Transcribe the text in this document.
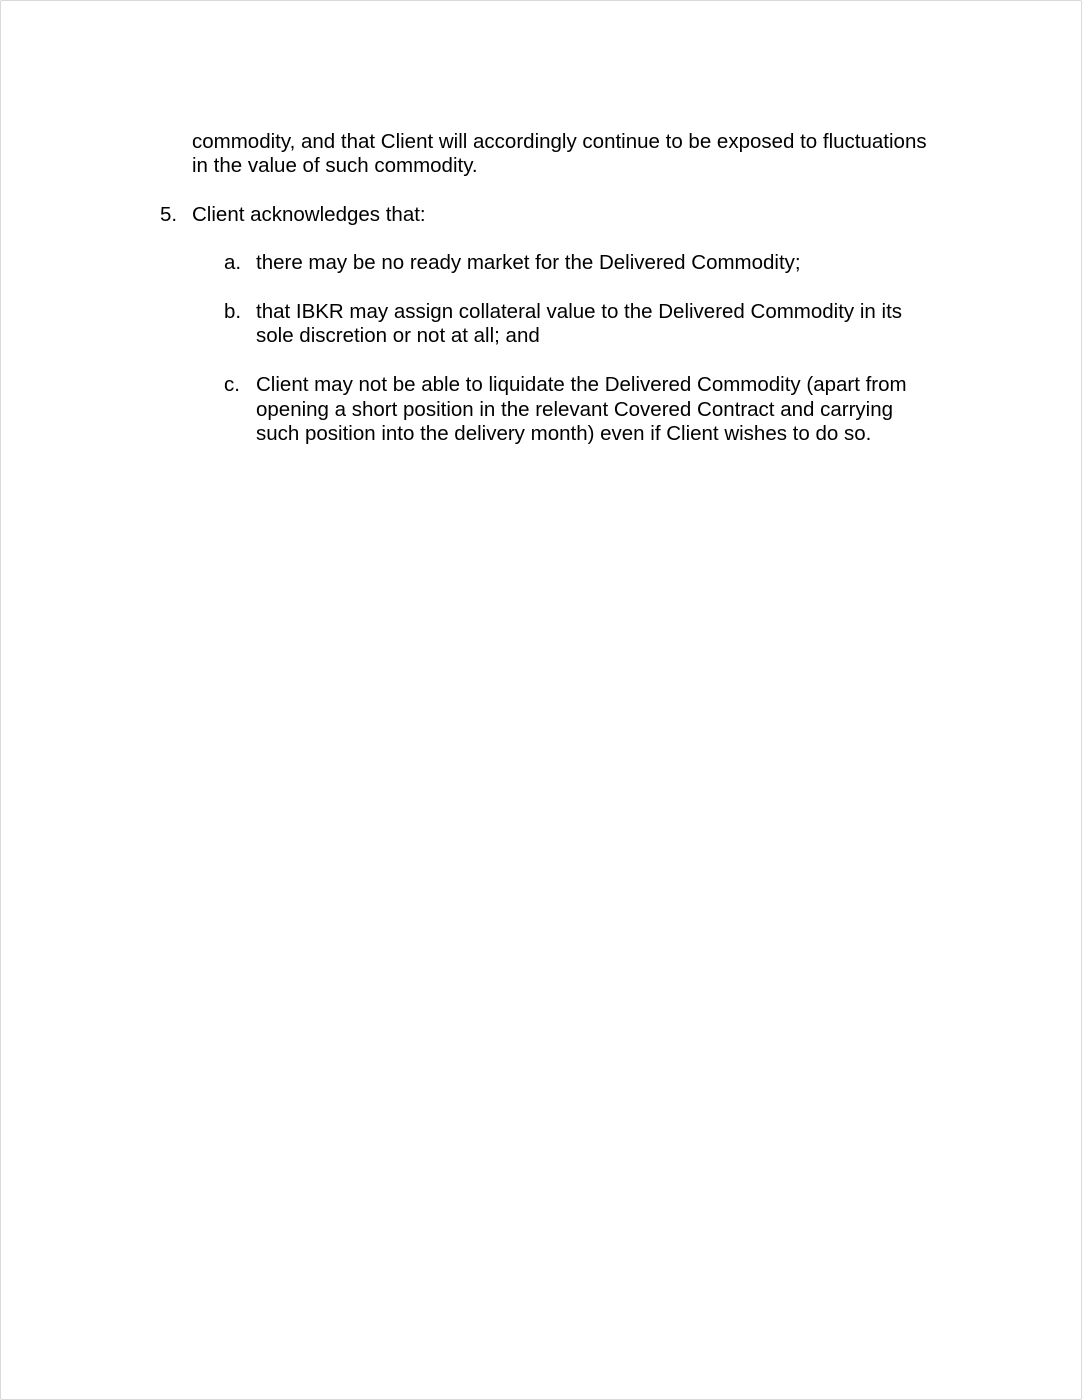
commodity, and that Client will accordingly continue to be exposed to fluctuations
in the value of such commodity.
5. Client acknowledges that:
a. there may be no ready market for the Delivered Commodity;
b. that IBKR may assign collateral value to the Delivered Commodity in its
sole discretion or not at all; and
c. Client may not be able to liquidate the Delivered Commodity (apart from
opening a short position in the relevant Covered Contract and carrying
such position into the delivery month) even if Client wishes to do so.
